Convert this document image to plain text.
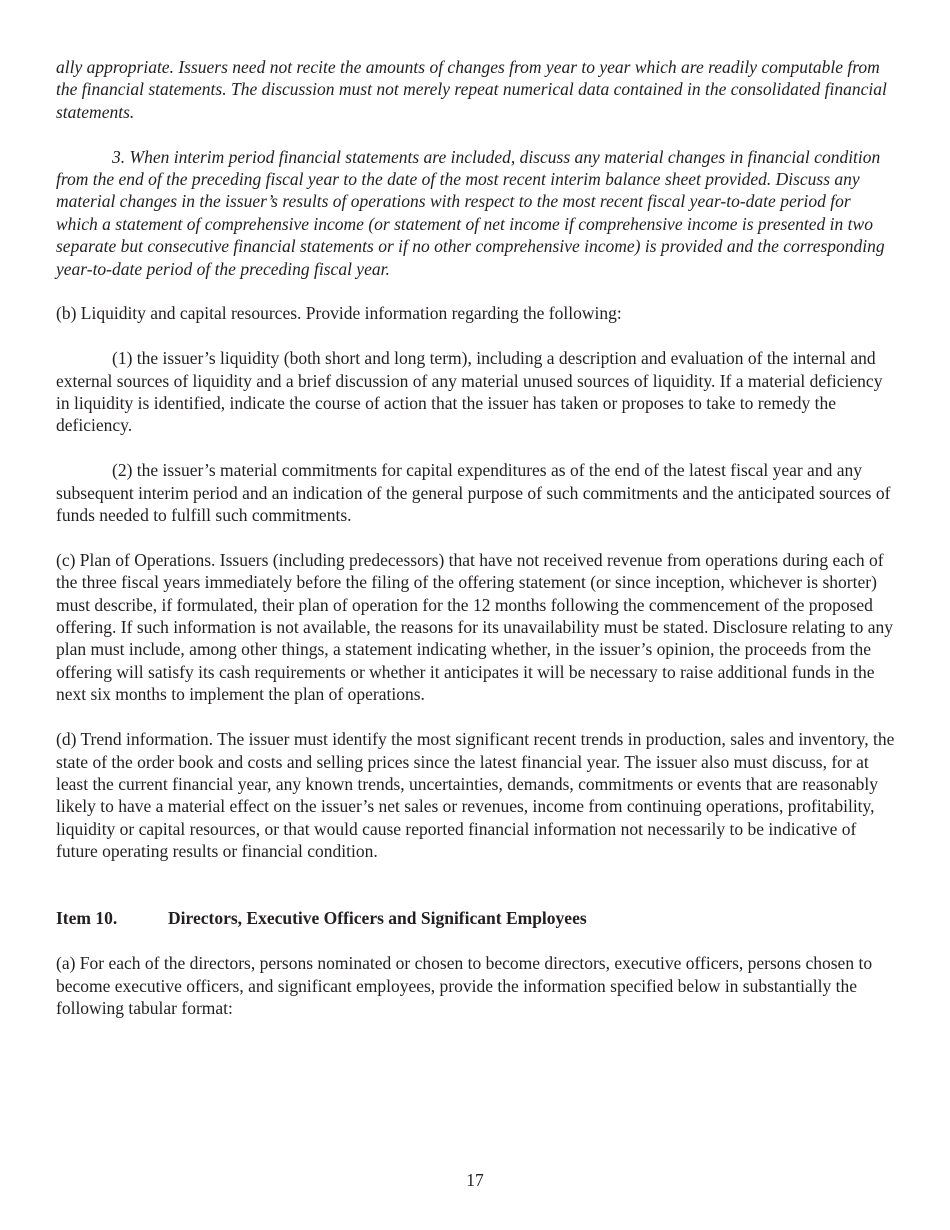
ally appropriate. Issuers need not recite the amounts of changes from year to year which are readily computable from the financial statements. The discussion must not merely repeat numerical data contained in the consolidated financial statements.

3. When interim period financial statements are included, discuss any material changes in financial condition from the end of the preceding fiscal year to the date of the most recent interim balance sheet provided. Discuss any material changes in the issuer’s results of operations with respect to the most recent fiscal year-to-date period for which a statement of comprehensive income (or statement of net income if comprehensive income is presented in two separate but consecutive financial statements or if no other comprehensive income) is provided and the corresponding year-to-date period of the preceding fiscal year.

(b) Liquidity and capital resources. Provide information regarding the following:

(1) the issuer’s liquidity (both short and long term), including a description and evaluation of the internal and external sources of liquidity and a brief discussion of any material unused sources of liquidity. If a material deficiency in liquidity is identified, indicate the course of action that the issuer has taken or proposes to take to remedy the deficiency.

(2) the issuer’s material commitments for capital expenditures as of the end of the latest fiscal year and any subsequent interim period and an indication of the general purpose of such commitments and the anticipated sources of funds needed to fulfill such commitments.

(c) Plan of Operations. Issuers (including predecessors) that have not received revenue from operations during each of the three fiscal years immediately before the filing of the offering statement (or since inception, whichever is shorter) must describe, if formulated, their plan of operation for the 12 months following the commencement of the proposed offering. If such information is not available, the reasons for its unavailability must be stated. Disclosure relating to any plan must include, among other things, a statement indicating whether, in the issuer’s opinion, the proceeds from the offering will satisfy its cash requirements or whether it anticipates it will be necessary to raise additional funds in the next six months to implement the plan of operations.

(d) Trend information. The issuer must identify the most significant recent trends in production, sales and inventory, the state of the order book and costs and selling prices since the latest financial year. The issuer also must discuss, for at least the current financial year, any known trends, uncertainties, demands, commitments or events that are reasonably likely to have a material effect on the issuer’s net sales or revenues, income from continuing operations, profitability, liquidity or capital resources, or that would cause reported financial information not necessarily to be indicative of future operating results or financial condition.

Item 10.	Directors, Executive Officers and Significant Employees

(a) For each of the directors, persons nominated or chosen to become directors, executive officers, persons chosen to become executive officers, and significant employees, provide the information specified below in substantially the following tabular format:

17
